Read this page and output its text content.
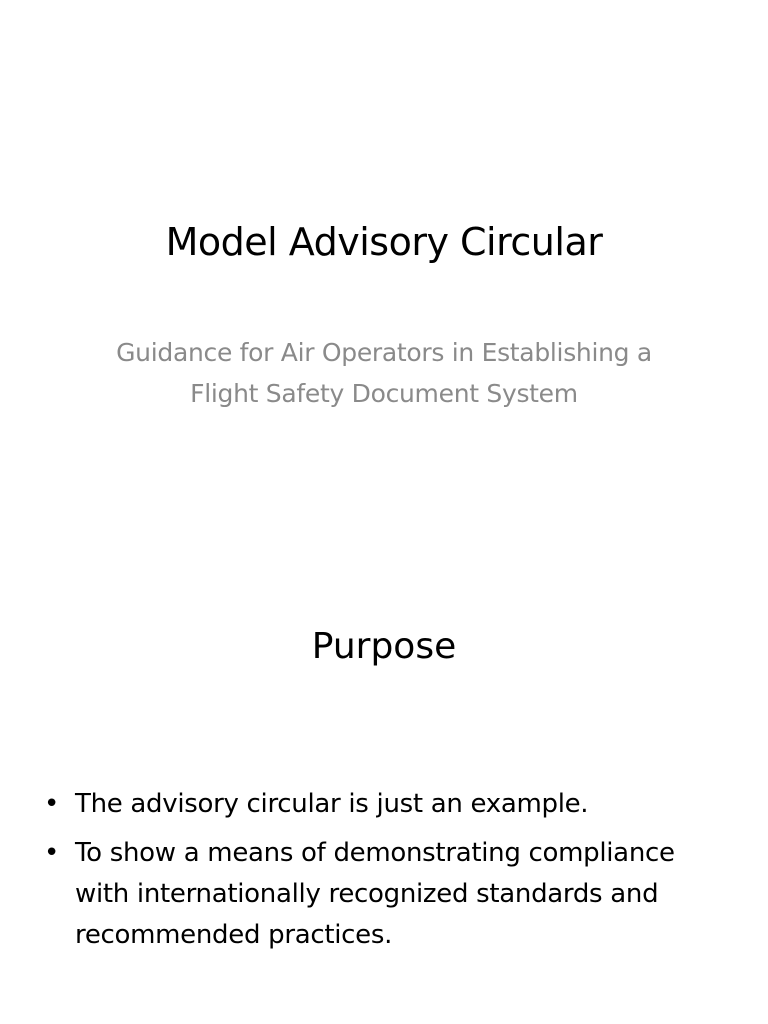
Model Advisory Circular

Guidance for Air Operators in Establishing a Flight Safety Document System

Purpose
• The advisory circular is just an example.
• To show a means of demonstrating compliance with internationally recognized standards and recommended practices.
